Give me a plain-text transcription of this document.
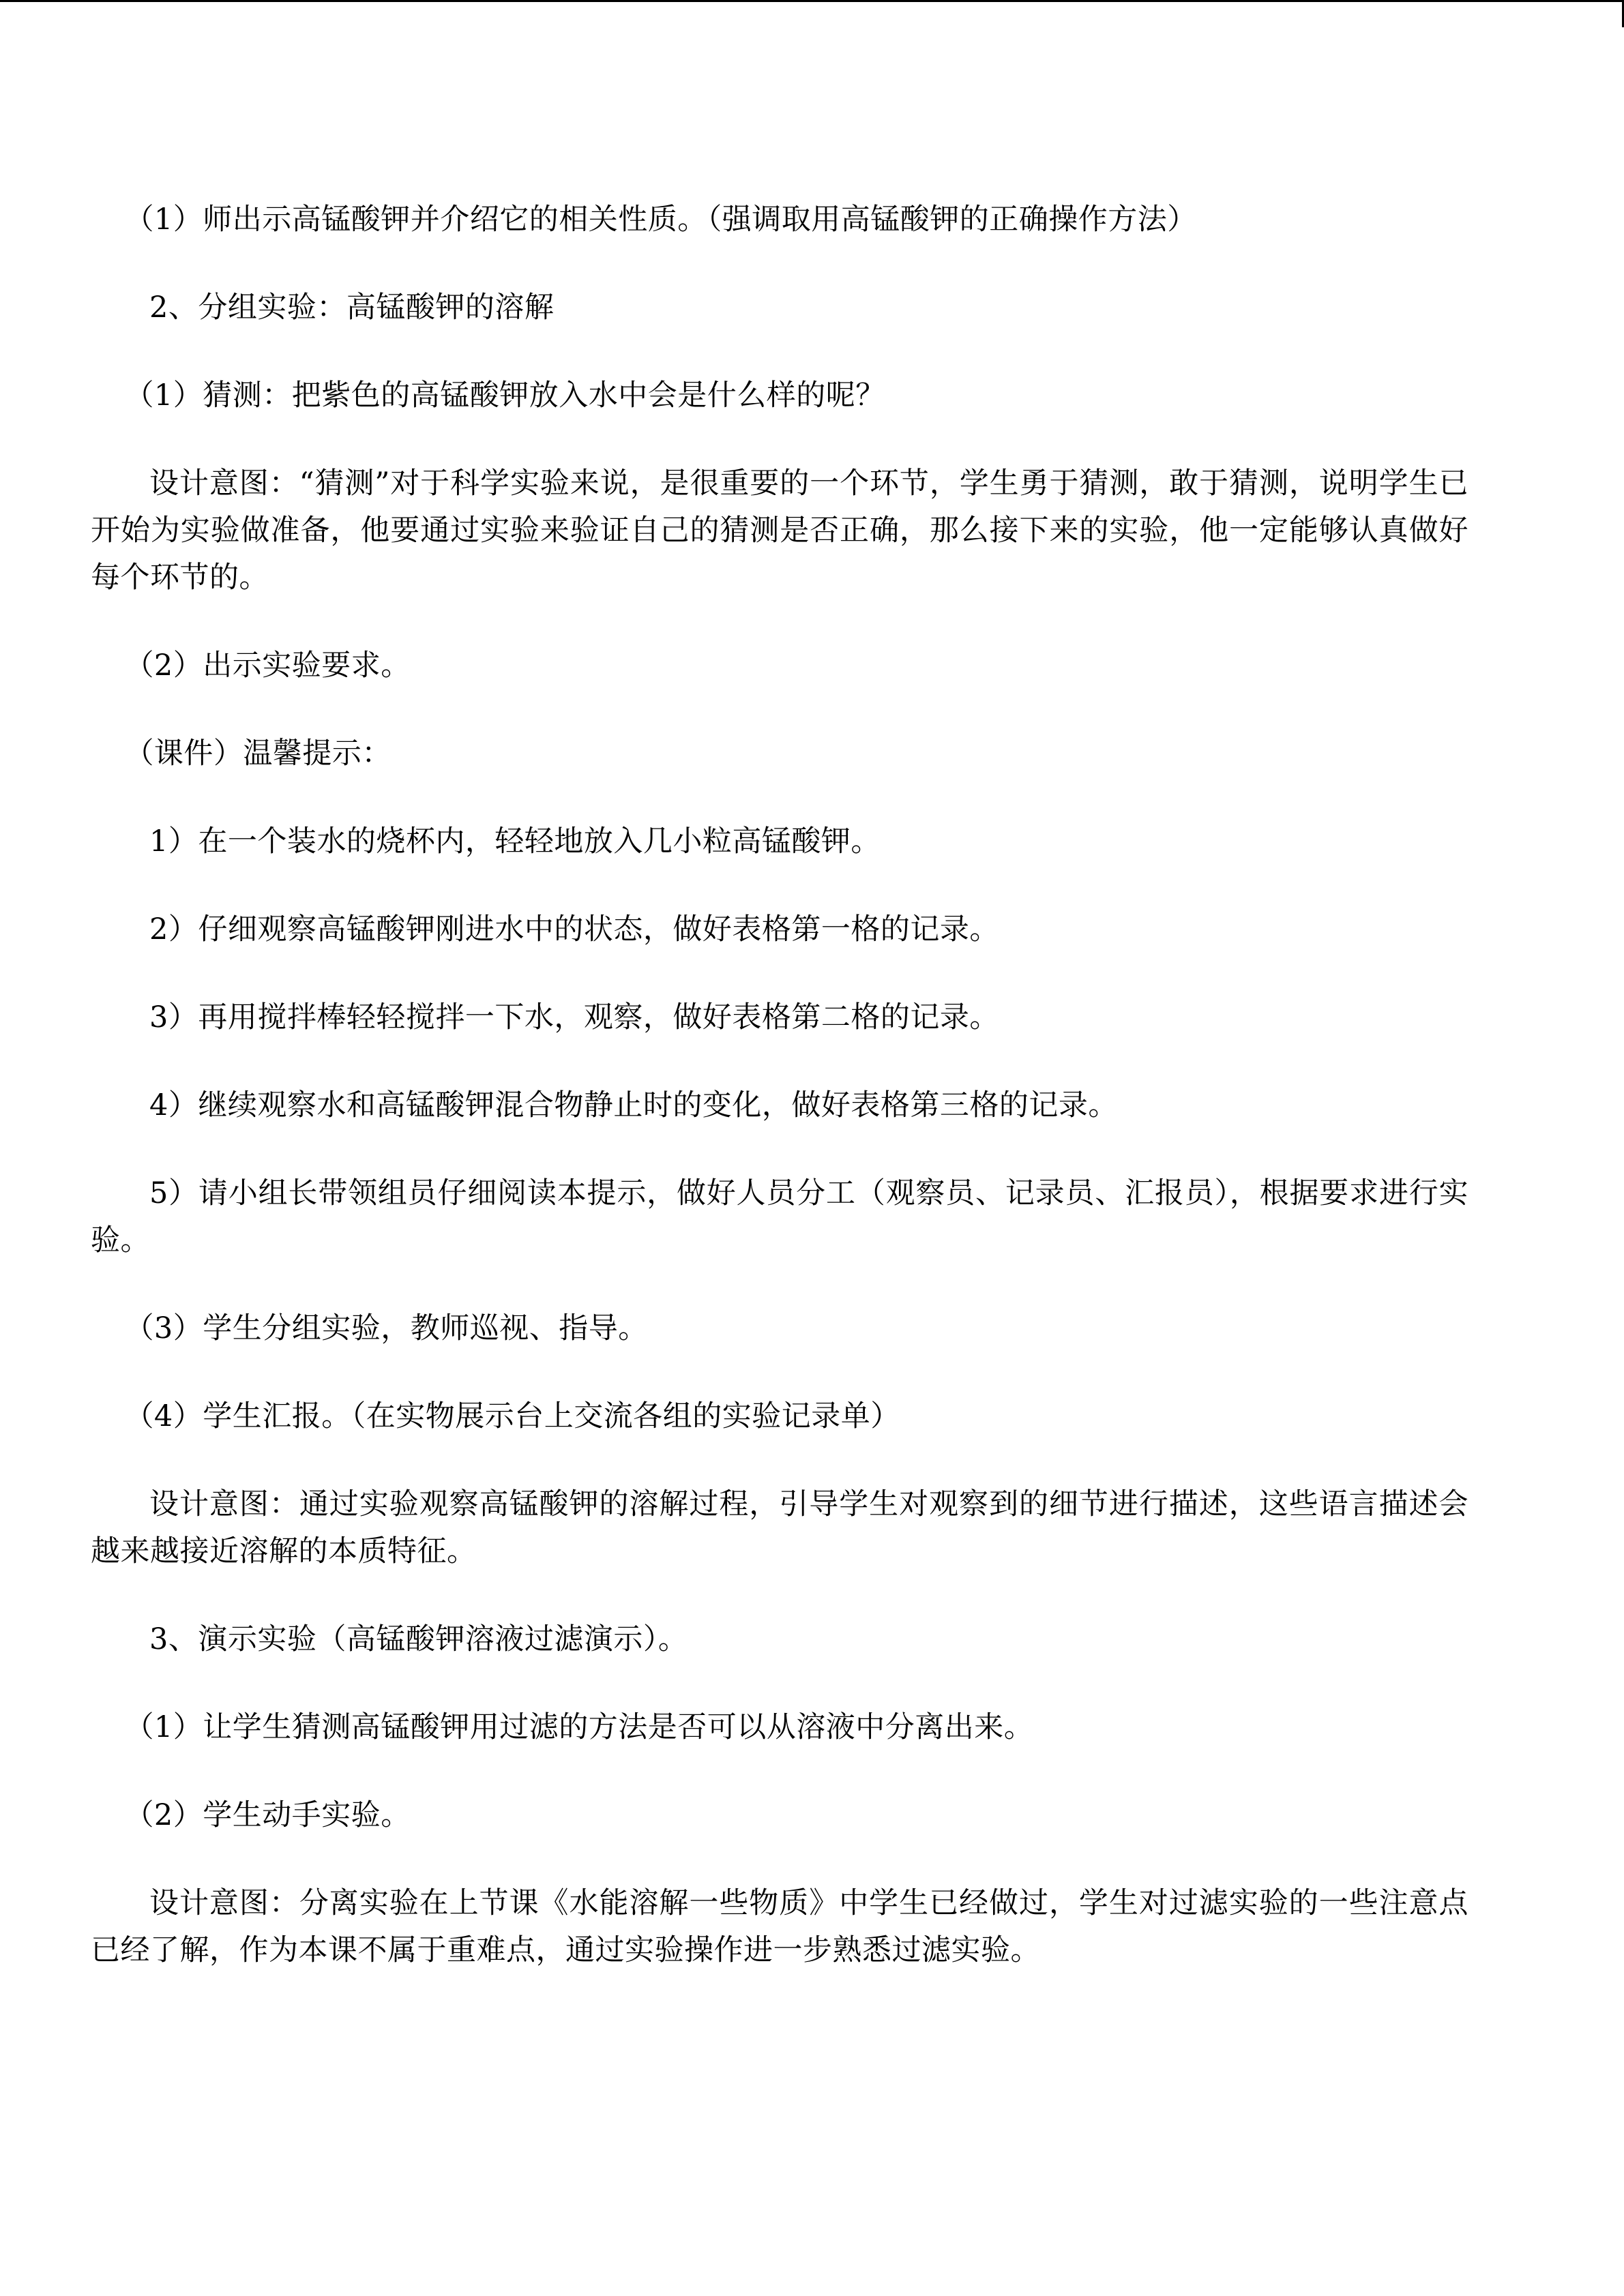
（1）师出示高锰酸钾并介绍它的相关性质。（强调取用高锰酸钾的正确操作方法）

2、分组实验：高锰酸钾的溶解

（1）猜测：把紫色的高锰酸钾放入水中会是什么样的呢？

设计意图：“猜测”对于科学实验来说，是很重要的一个环节，学生勇于猜测，敢于猜测，说明学生已开始为实验做准备，他要通过实验来验证自己的猜测是否正确，那么接下来的实验，他一定能够认真做好每个环节的。

（2）出示实验要求。

（课件）温馨提示：

1）在一个装水的烧杯内，轻轻地放入几小粒高锰酸钾。

2）仔细观察高锰酸钾刚进水中的状态，做好表格第一格的记录。

3）再用搅拌棒轻轻搅拌一下水，观察，做好表格第二格的记录。

4）继续观察水和高锰酸钾混合物静止时的变化，做好表格第三格的记录。

5）请小组长带领组员仔细阅读本提示，做好人员分工（观察员、记录员、汇报员），根据要求进行实验。

（3）学生分组实验，教师巡视、指导。

（4）学生汇报。（在实物展示台上交流各组的实验记录单）

设计意图：通过实验观察高锰酸钾的溶解过程，引导学生对观察到的细节进行描述，这些语言描述会越来越接近溶解的本质特征。

3、演示实验（高锰酸钾溶液过滤演示）。

（1）让学生猜测高锰酸钾用过滤的方法是否可以从溶液中分离出来。

（2）学生动手实验。

设计意图：分离实验在上节课《水能溶解一些物质》中学生已经做过，学生对过滤实验的一些注意点已经了解，作为本课不属于重难点，通过实验操作进一步熟悉过滤实验。
